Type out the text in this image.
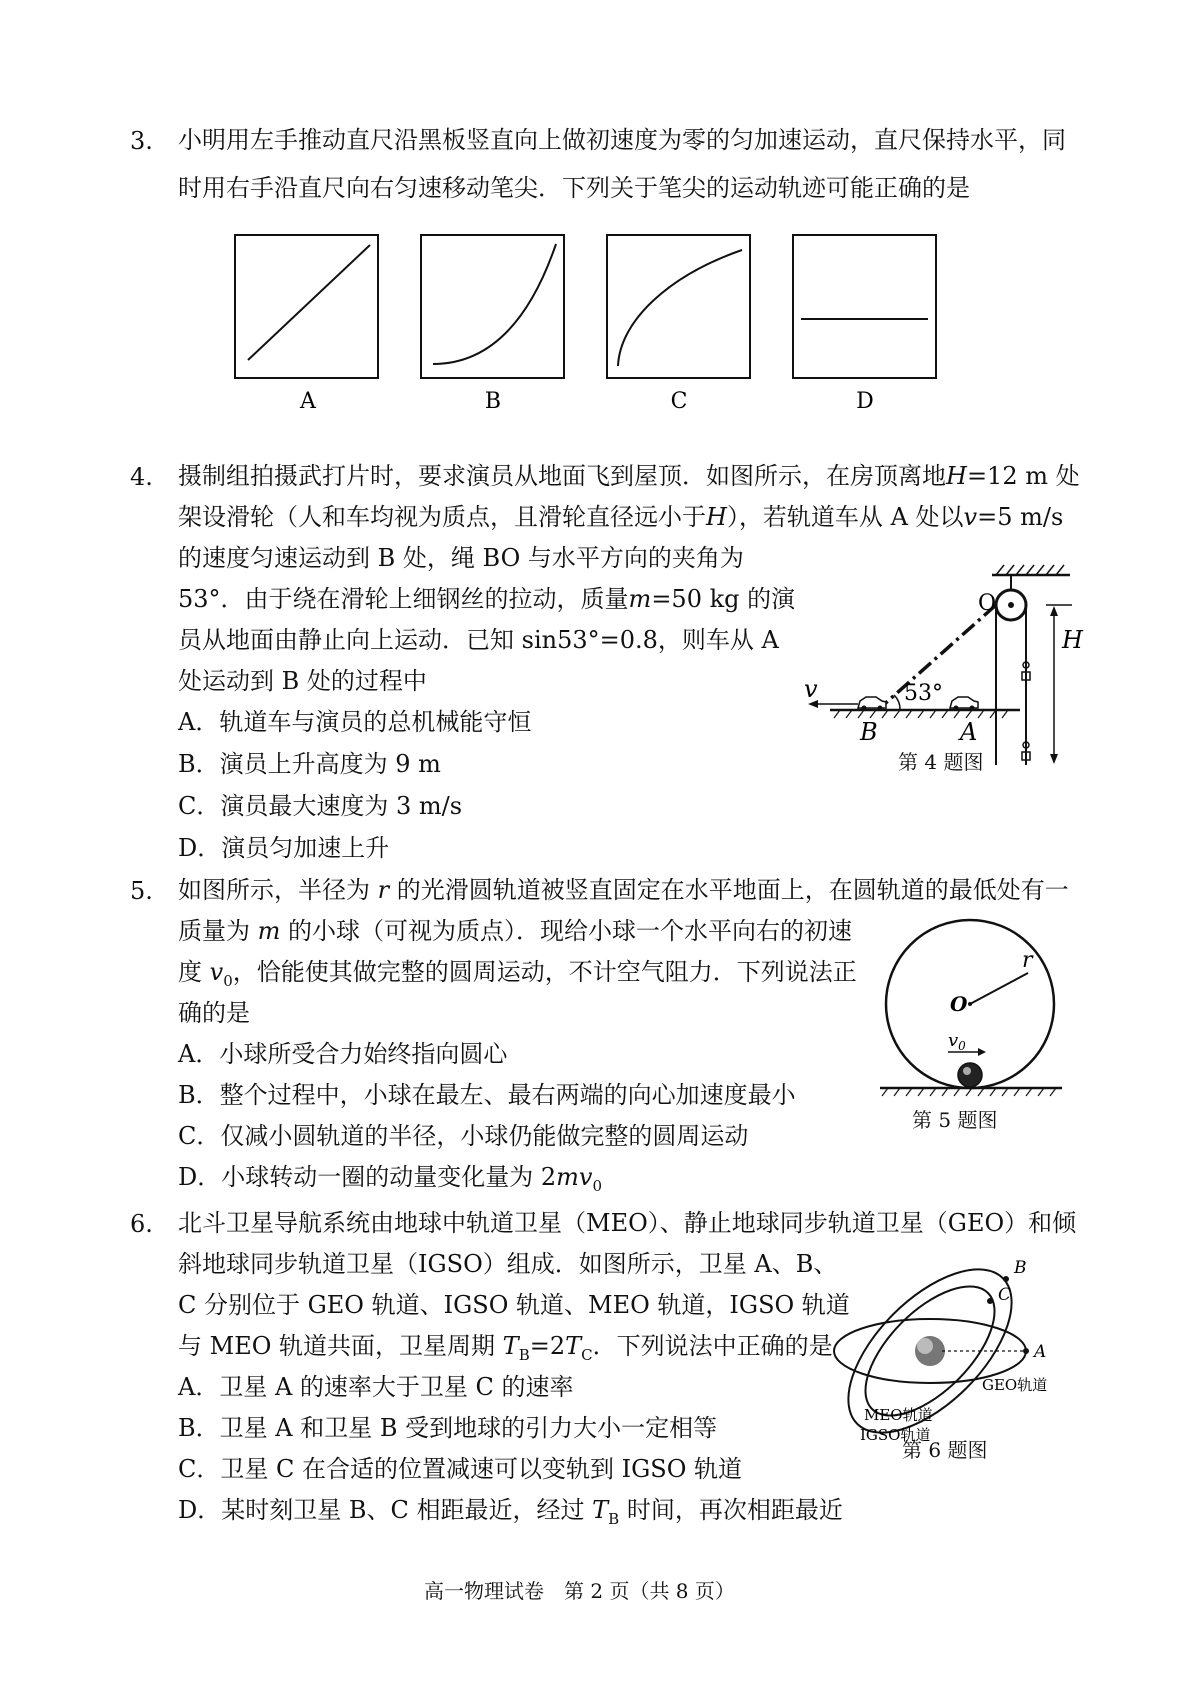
3. 小明用左手推动直尺沿黑板竖直向上做初速度为零的匀加速运动，直尺保持水平，同
时用右手沿直尺向右匀速移动笔尖．下列关于笔尖的运动轨迹可能正确的是
A	B	C	D
4. 摄制组拍摄武打片时，要求演员从地面飞到屋顶．如图所示，在房顶离地H=12 m 处
架设滑轮（人和车均视为质点，且滑轮直径远小于H），若轨道车从 A 处以v=5 m/s
的速度匀速运动到 B 处，绳 BO 与水平方向的夹角为
53°．由于绕在滑轮上细钢丝的拉动，质量m=50 kg 的演
员从地面由静止向上运动．已知 sin53°=0.8，则车从 A
处运动到 B 处的过程中
A．轨道车与演员的总机械能守恒
B．演员上升高度为 9 m
C．演员最大速度为 3 m/s
D．演员匀加速上升
H
O
v	53°
B	A
第 4 题图
5. 如图所示，半径为 r 的光滑圆轨道被竖直固定在水平地面上，在圆轨道的最低处有一
质量为 m 的小球（可视为质点）．现给小球一个水平向右的初速
度 $v_0$，恰能使其做完整的圆周运动，不计空气阻力．下列说法正
确的是
A．小球所受合力始终指向圆心
B．整个过程中，小球在最左、最右两端的向心加速度最小
C．仅减小圆轨道的半径，小球仍能做完整的圆周运动
D．小球转动一圈的动量变化量为 $2mv_0$
O
r
$v_0$
第 5 题图
6. 北斗卫星导航系统由地球中轨道卫星（MEO）、静止地球同步轨道卫星（GEO）和倾
斜地球同步轨道卫星（IGSO）组成．如图所示，卫星 A、B、
C 分别位于 GEO 轨道、IGSO 轨道、MEO 轨道，IGSO 轨道
与 MEO 轨道共面，卫星周期 $T_B=2T_C$．下列说法中正确的是
A．卫星 A 的速率大于卫星 C 的速率
B．卫星 A 和卫星 B 受到地球的引力大小一定相等
C．卫星 C 在合适的位置减速可以变轨到 IGSO 轨道
D．某时刻卫星 B、C 相距最近，经过 $T_B$ 时间，再次相距最近
A
B
C
GEO轨道
MEO轨道
IGSO轨道
第 6 题图
高一物理试卷　第 2 页（共 8 页）
